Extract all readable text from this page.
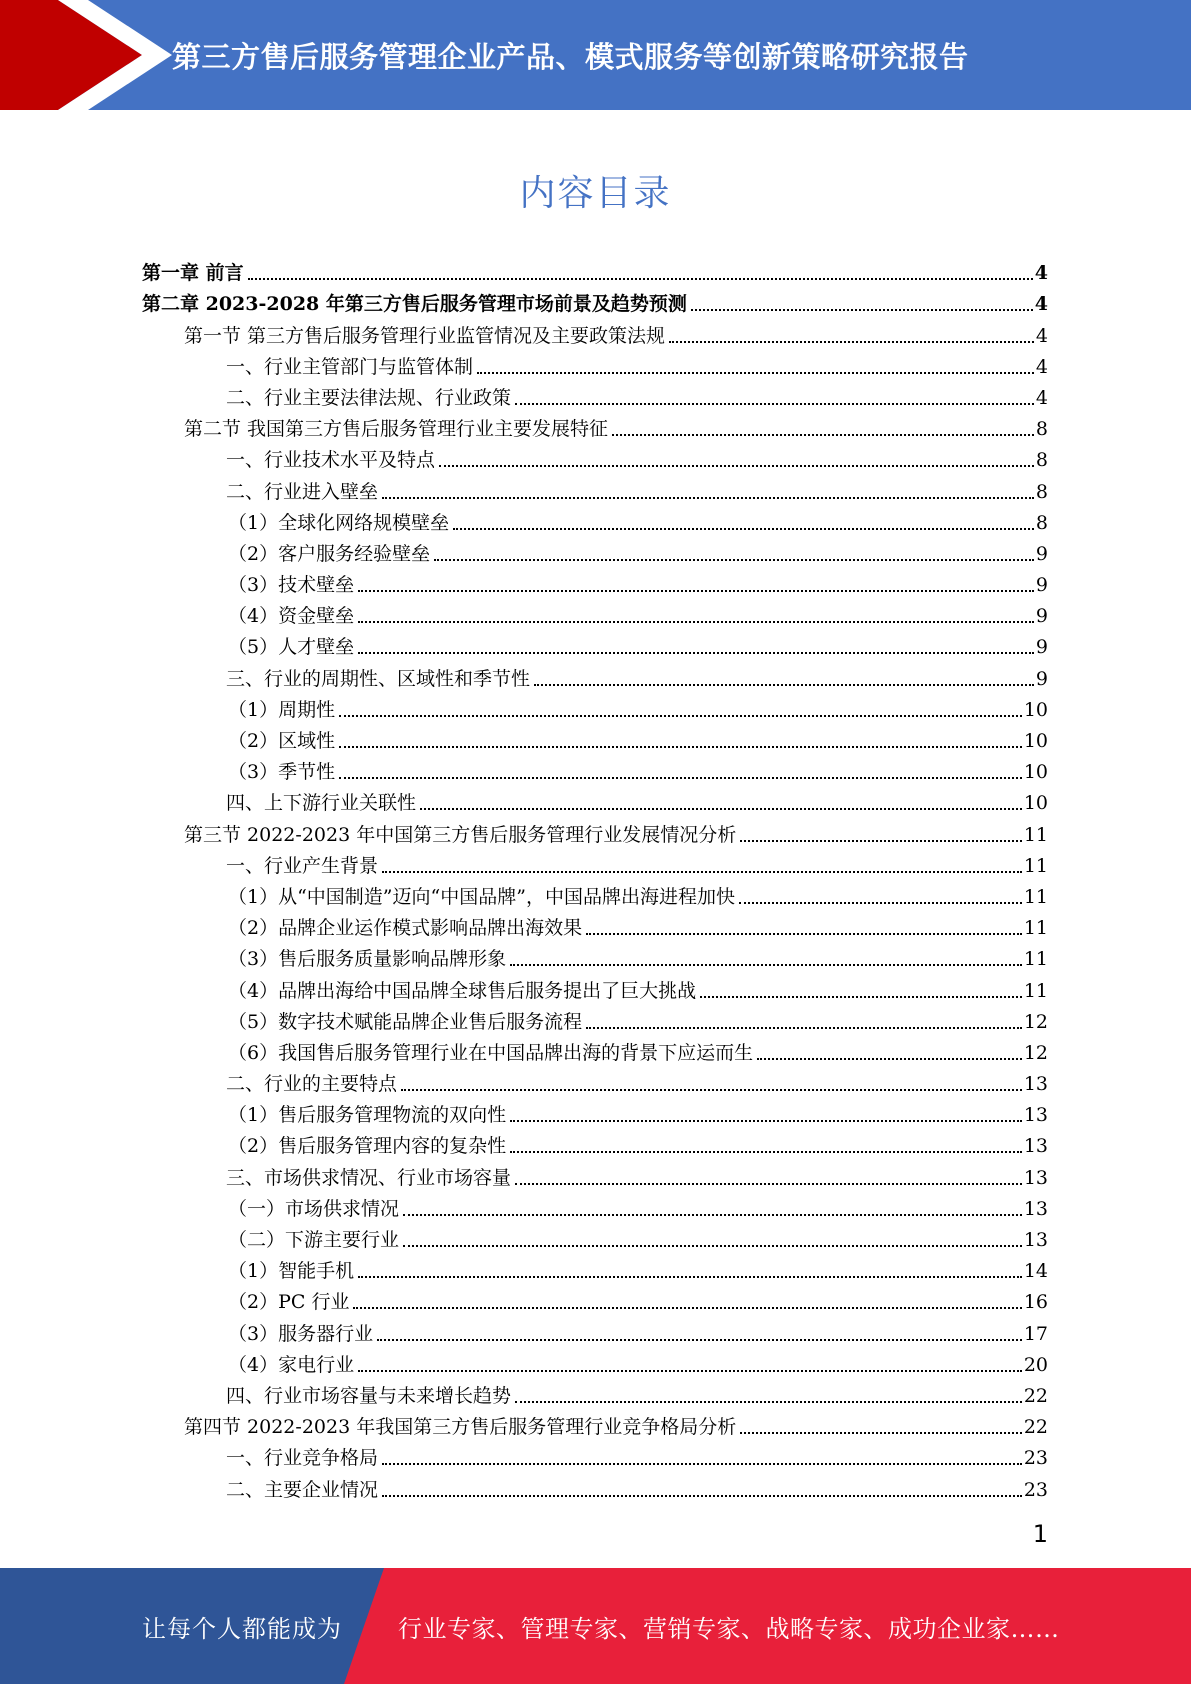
第三方售后服务管理企业产品、模式服务等创新策略研究报告
内容目录
第一章 前言	4
第二章 2023-2028 年第三方售后服务管理市场前景及趋势预测	4
第一节 第三方售后服务管理行业监管情况及主要政策法规	4
一、行业主管部门与监管体制	4
二、行业主要法律法规、行业政策	4
第二节 我国第三方售后服务管理行业主要发展特征	8
一、行业技术水平及特点	8
二、行业进入壁垒	8
（1）全球化网络规模壁垒	8
（2）客户服务经验壁垒	9
（3）技术壁垒	9
（4）资金壁垒	9
（5）人才壁垒	9
三、行业的周期性、区域性和季节性	9
（1）周期性	10
（2）区域性	10
（3）季节性	10
四、上下游行业关联性	10
第三节 2022-2023 年中国第三方售后服务管理行业发展情况分析	11
一、行业产生背景	11
（1）从“中国制造”迈向“中国品牌”，中国品牌出海进程加快	11
（2）品牌企业运作模式影响品牌出海效果	11
（3）售后服务质量影响品牌形象	11
（4）品牌出海给中国品牌全球售后服务提出了巨大挑战	11
（5）数字技术赋能品牌企业售后服务流程	12
（6）我国售后服务管理行业在中国品牌出海的背景下应运而生	12
二、行业的主要特点	13
（1）售后服务管理物流的双向性	13
（2）售后服务管理内容的复杂性	13
三、市场供求情况、行业市场容量	13
（一）市场供求情况	13
（二）下游主要行业	13
（1）智能手机	14
（2）PC 行业	16
（3）服务器行业	17
（4）家电行业	20
四、行业市场容量与未来增长趋势	22
第四节 2022-2023 年我国第三方售后服务管理行业竞争格局分析	22
一、行业竞争格局	23
二、主要企业情况	23
1
让每个人都能成为 行业专家、管理专家、营销专家、战略专家、成功企业家……
